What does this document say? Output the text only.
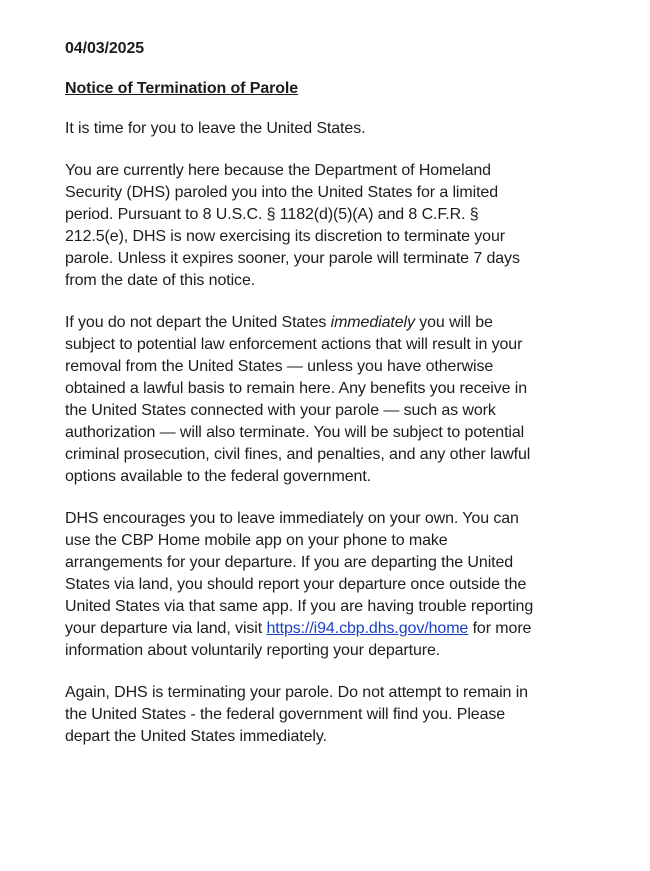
04/03/2025

Notice of Termination of Parole

It is time for you to leave the United States.

You are currently here because the Department of Homeland Security (DHS) paroled you into the United States for a limited period. Pursuant to 8 U.S.C. § 1182(d)(5)(A) and 8 C.F.R. § 212.5(e), DHS is now exercising its discretion to terminate your parole. Unless it expires sooner, your parole will terminate 7 days from the date of this notice.

If you do not depart the United States immediately you will be subject to potential law enforcement actions that will result in your removal from the United States — unless you have otherwise obtained a lawful basis to remain here. Any benefits you receive in the United States connected with your parole — such as work authorization — will also terminate. You will be subject to potential criminal prosecution, civil fines, and penalties, and any other lawful options available to the federal government.

DHS encourages you to leave immediately on your own. You can use the CBP Home mobile app on your phone to make arrangements for your departure. If you are departing the United States via land, you should report your departure once outside the United States via that same app. If you are having trouble reporting your departure via land, visit https://i94.cbp.dhs.gov/home for more information about voluntarily reporting your departure.

Again, DHS is terminating your parole. Do not attempt to remain in the United States - the federal government will find you. Please depart the United States immediately.
